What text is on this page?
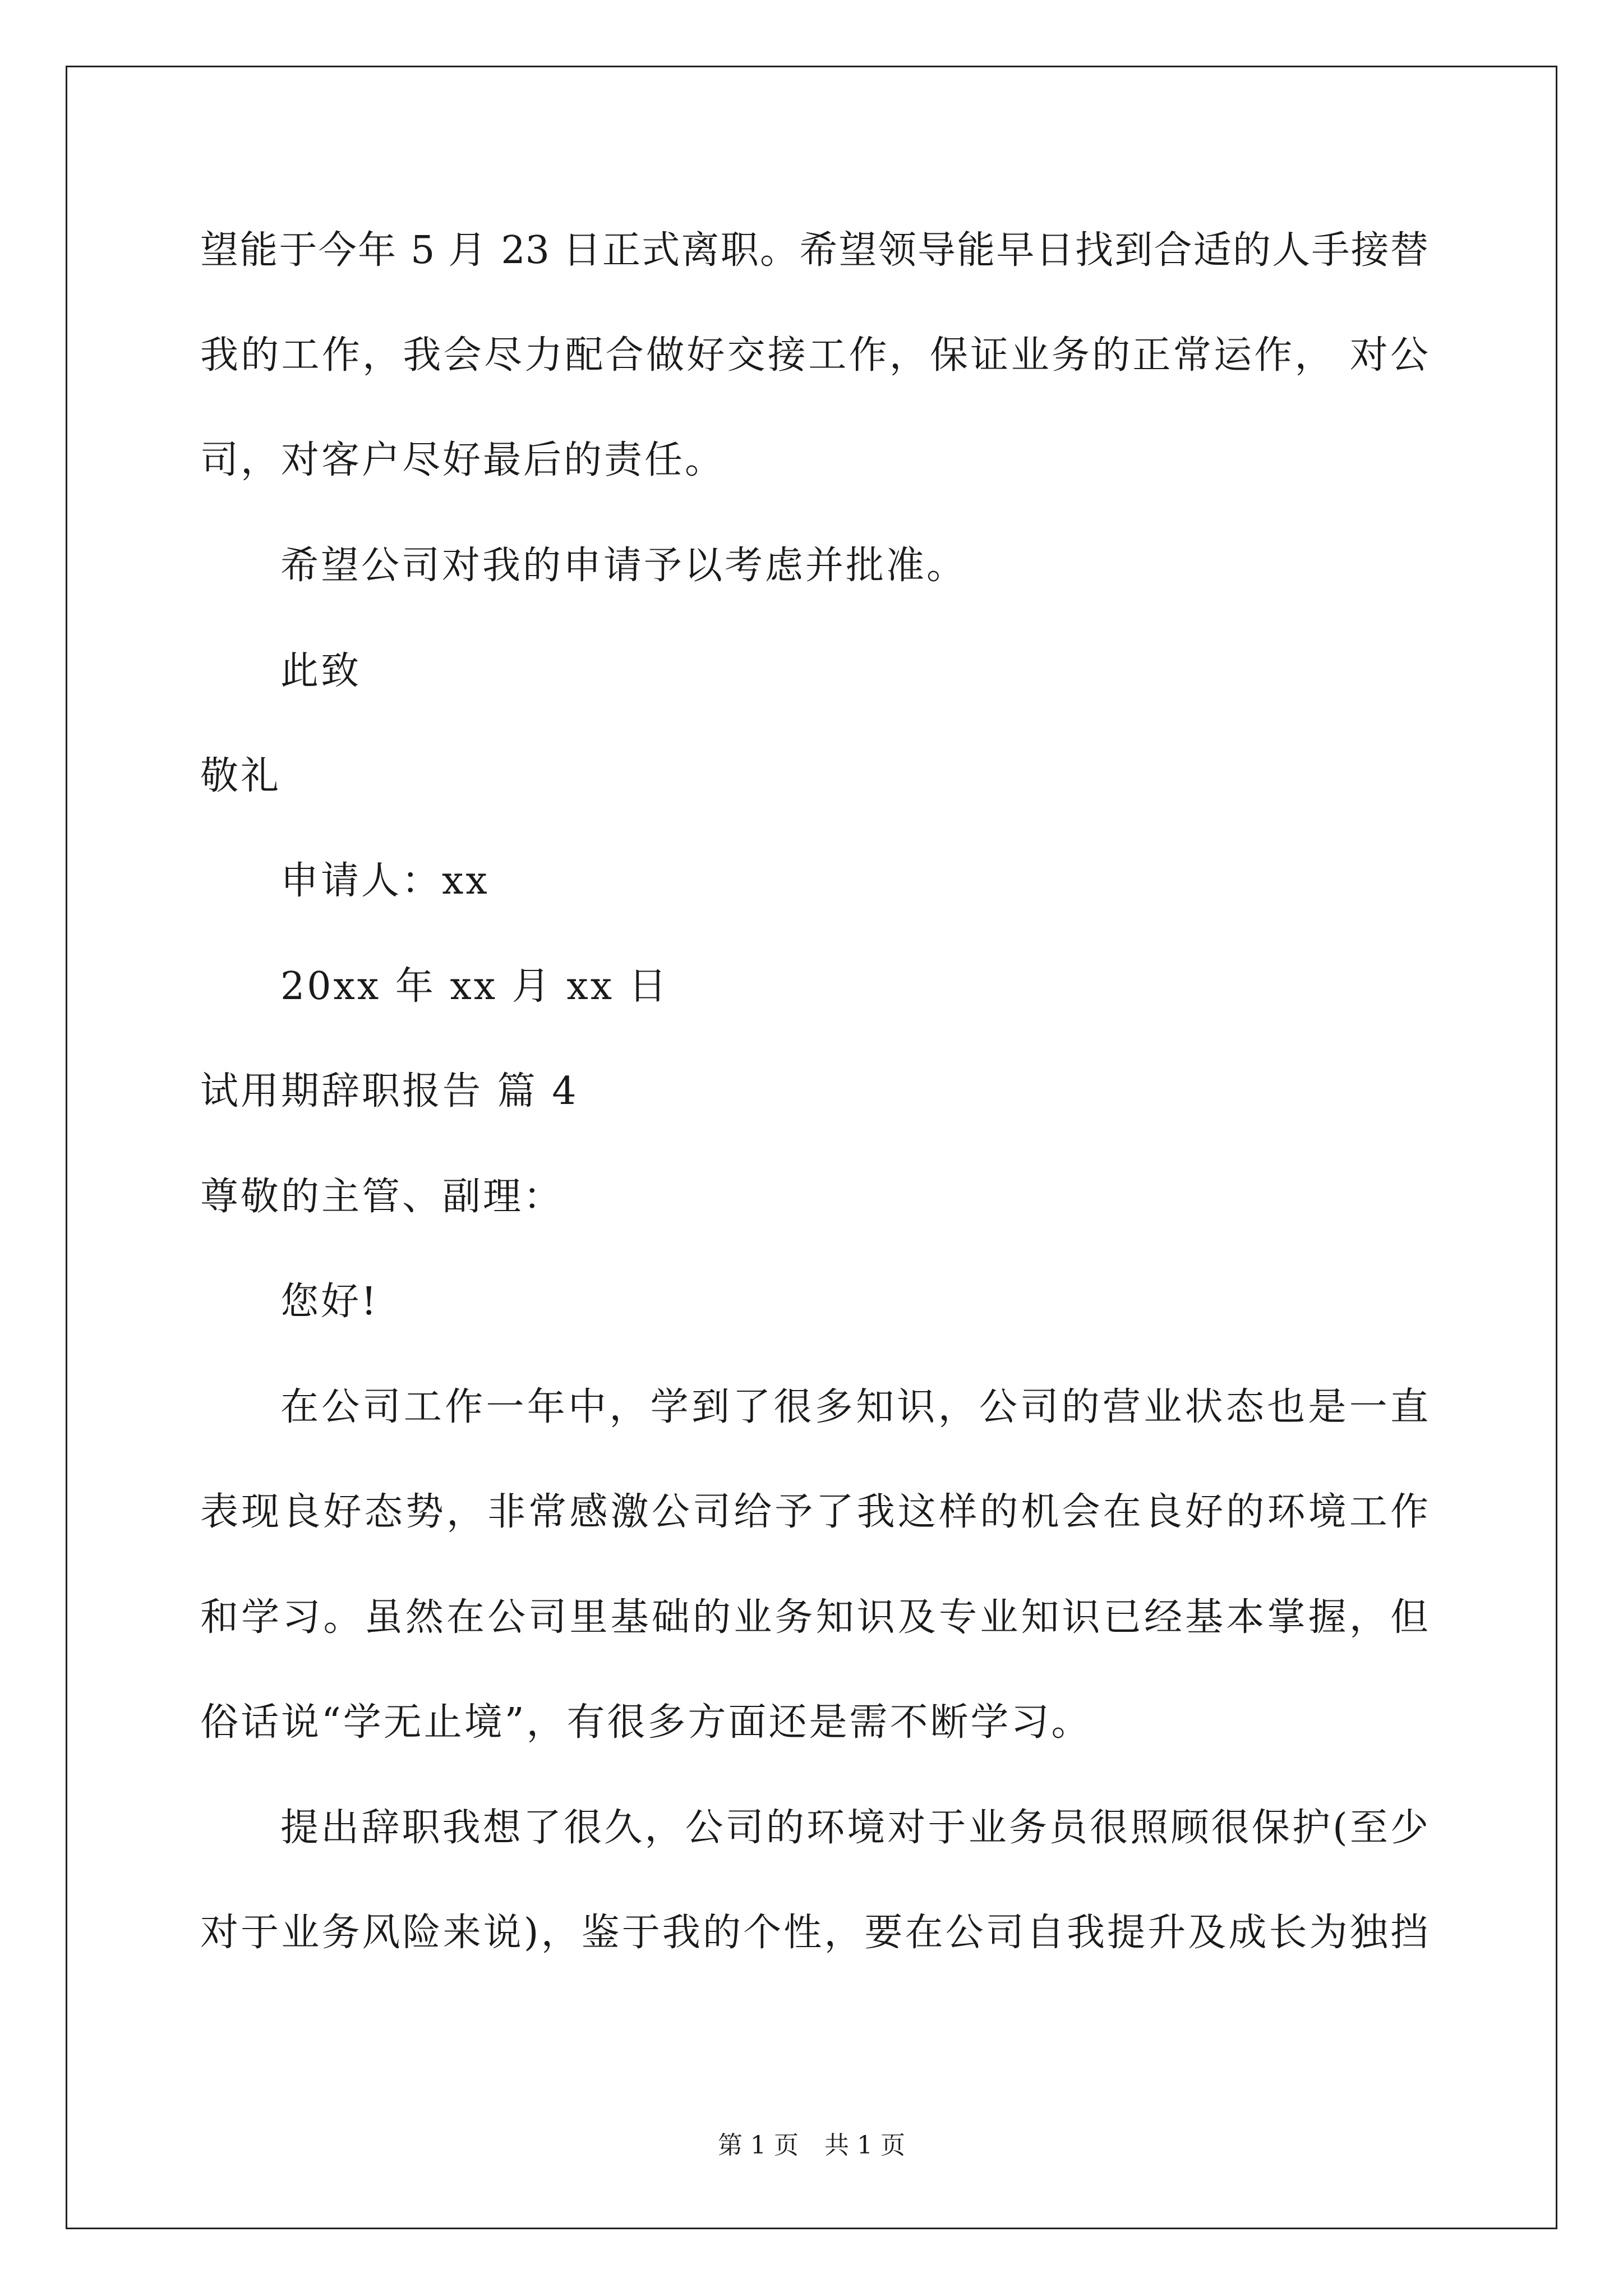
望能于今年 5 月 23 日正式离职。希望领导能早日找到合适的人手接替
我的工作，我会尽力配合做好交接工作，保证业务的正常运作， 对公
司，对客户尽好最后的责任。
希望公司对我的申请予以考虑并批准。
此致
敬礼
申请人：xx
20xx 年 xx 月 xx 日
试用期辞职报告 篇 4
尊敬的主管、副理：
您好!
在公司工作一年中，学到了很多知识，公司的营业状态也是一直
表现良好态势，非常感激公司给予了我这样的机会在良好的环境工作
和学习。虽然在公司里基础的业务知识及专业知识已经基本掌握，但
俗话说“学无止境”，有很多方面还是需不断学习。
提出辞职我想了很久，公司的环境对于业务员很照顾很保护(至少
对于业务风险来说)，鉴于我的个性，要在公司自我提升及成长为独挡
第 1 页 共 1 页
